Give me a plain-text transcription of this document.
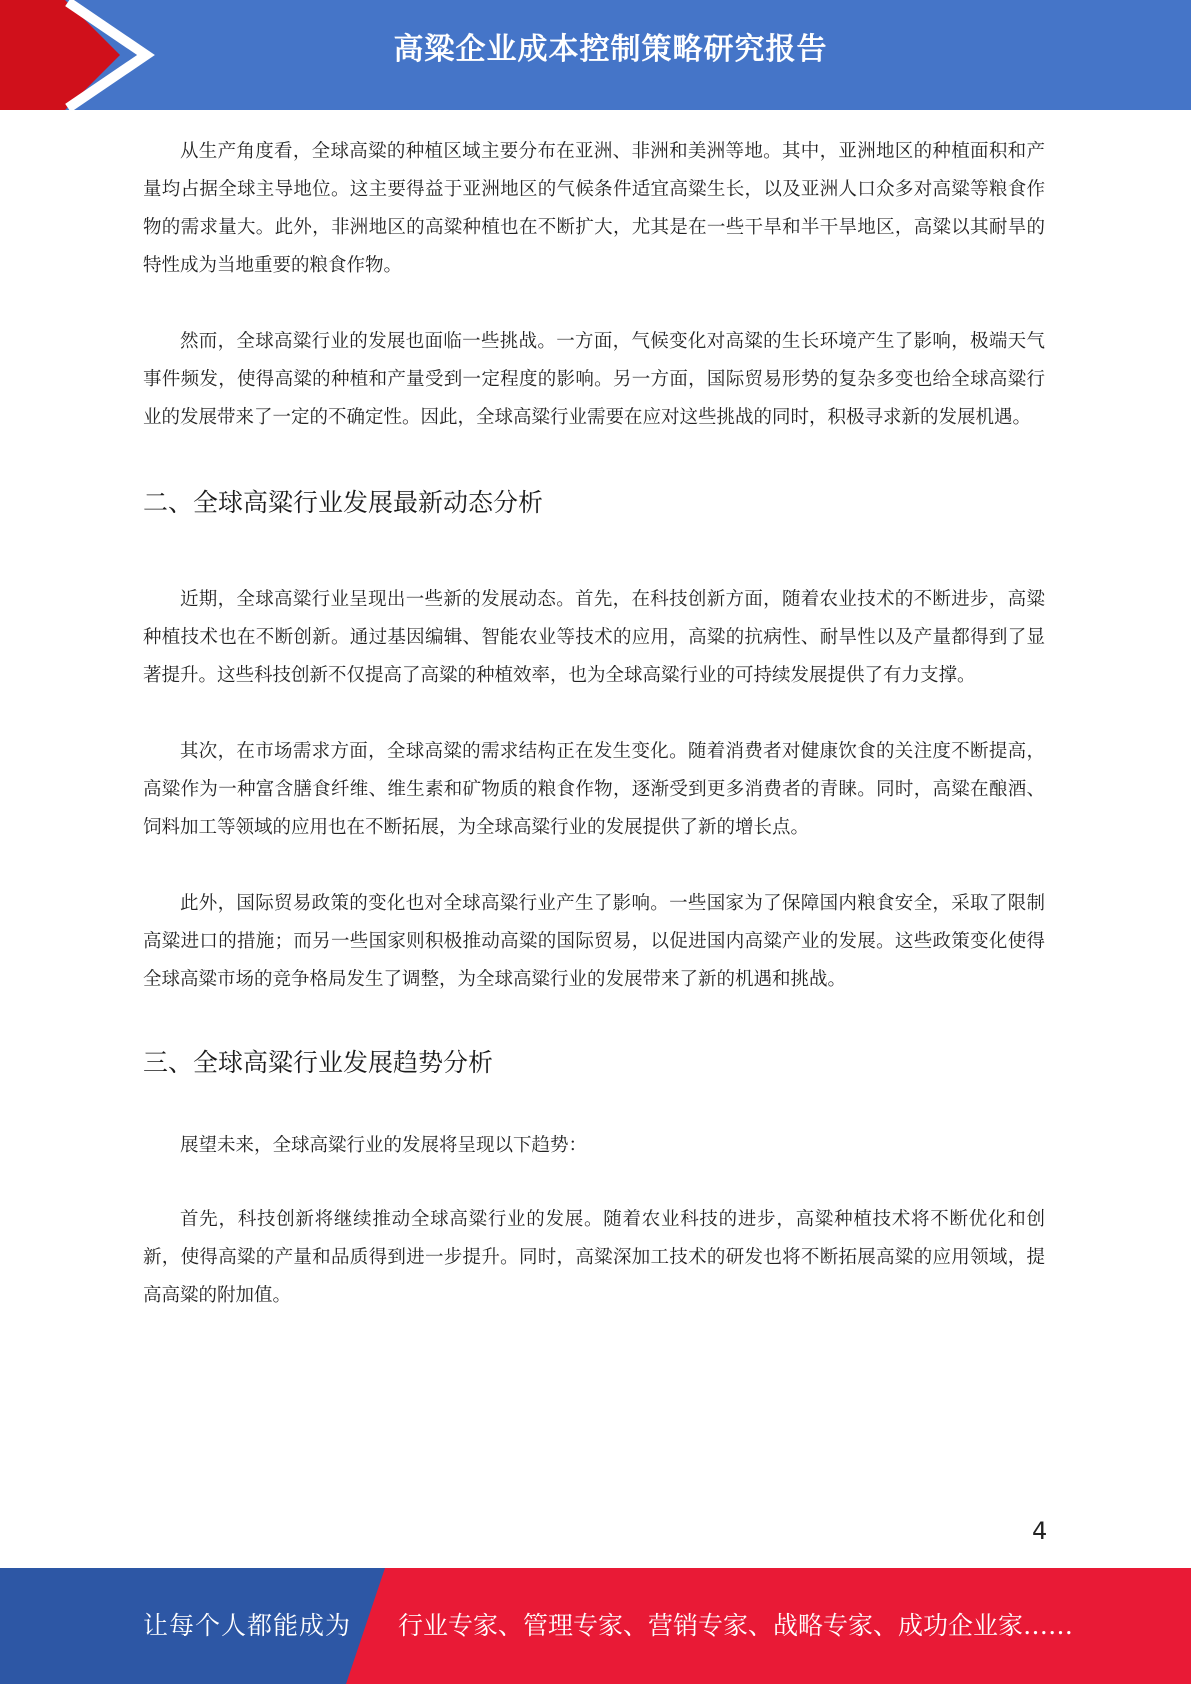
高粱企业成本控制策略研究报告

从生产角度看，全球高粱的种植区域主要分布在亚洲、非洲和美洲等地。其中，亚洲地区的种植面积和产量均占据全球主导地位。这主要得益于亚洲地区的气候条件适宜高粱生长，以及亚洲人口众多对高粱等粮食作物的需求量大。此外，非洲地区的高粱种植也在不断扩大，尤其是在一些干旱和半干旱地区，高粱以其耐旱的特性成为当地重要的粮食作物。

然而，全球高粱行业的发展也面临一些挑战。一方面，气候变化对高粱的生长环境产生了影响，极端天气事件频发，使得高粱的种植和产量受到一定程度的影响。另一方面，国际贸易形势的复杂多变也给全球高粱行业的发展带来了一定的不确定性。因此，全球高粱行业需要在应对这些挑战的同时，积极寻求新的发展机遇。

二、全球高粱行业发展最新动态分析

近期，全球高粱行业呈现出一些新的发展动态。首先，在科技创新方面，随着农业技术的不断进步，高粱种植技术也在不断创新。通过基因编辑、智能农业等技术的应用，高粱的抗病性、耐旱性以及产量都得到了显著提升。这些科技创新不仅提高了高粱的种植效率，也为全球高粱行业的可持续发展提供了有力支撑。

其次，在市场需求方面，全球高粱的需求结构正在发生变化。随着消费者对健康饮食的关注度不断提高，高粱作为一种富含膳食纤维、维生素和矿物质的粮食作物，逐渐受到更多消费者的青睐。同时，高粱在酿酒、饲料加工等领域的应用也在不断拓展，为全球高粱行业的发展提供了新的增长点。

此外，国际贸易政策的变化也对全球高粱行业产生了影响。一些国家为了保障国内粮食安全，采取了限制高粱进口的措施；而另一些国家则积极推动高粱的国际贸易，以促进国内高粱产业的发展。这些政策变化使得全球高粱市场的竞争格局发生了调整，为全球高粱行业的发展带来了新的机遇和挑战。

三、全球高粱行业发展趋势分析

展望未来，全球高粱行业的发展将呈现以下趋势：

首先，科技创新将继续推动全球高粱行业的发展。随着农业科技的进步，高粱种植技术将不断优化和创新，使得高粱的产量和品质得到进一步提升。同时，高粱深加工技术的研发也将不断拓展高粱的应用领域，提高高粱的附加值。

4
让每个人都能成为 行业专家、管理专家、营销专家、战略专家、成功企业家……
